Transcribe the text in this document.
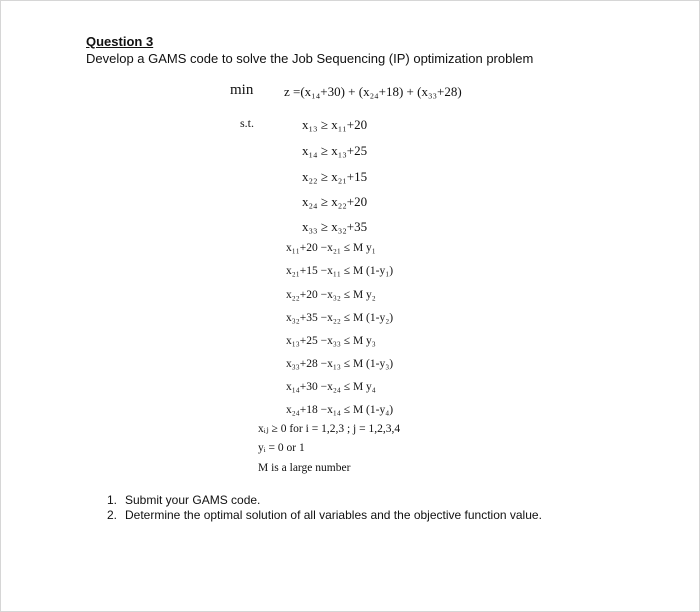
Question 3
Develop a GAMS code to solve the Job Sequencing (IP) optimization problem
min z =(x₁₄+30) + (x₂₄+18) + (x₃₃+28)
s.t.	x₁₃ ≥ x₁₁+20
x₁₄ ≥ x₁₃+25
x₂₂ ≥ x₂₁+15
x₂₄ ≥ x₂₂+20
x₃₃ ≥ x₃₂+35
x₁₁+20 −x₂₁ ≤ M y₁
x₂₁+15 −x₁₁ ≤ M (1-y₁)
x₂₂+20 −x₃₂ ≤ M y₂
x₃₂+35 −x₂₂ ≤ M (1-y₂)
x₁₃+25 −x₃₃ ≤ M y₃
x₃₃+28 −x₁₃ ≤ M (1-y₃)
x₁₄+30 −x₂₄ ≤ M y₄
x₂₄+18 −x₁₄ ≤ M (1-y₄)
xᵢⱼ ≥ 0 for i = 1,2,3 ; j = 1,2,3,4
yᵢ = 0 or 1
M is a large number
1. Submit your GAMS code.
2. Determine the optimal solution of all variables and the objective function value.
